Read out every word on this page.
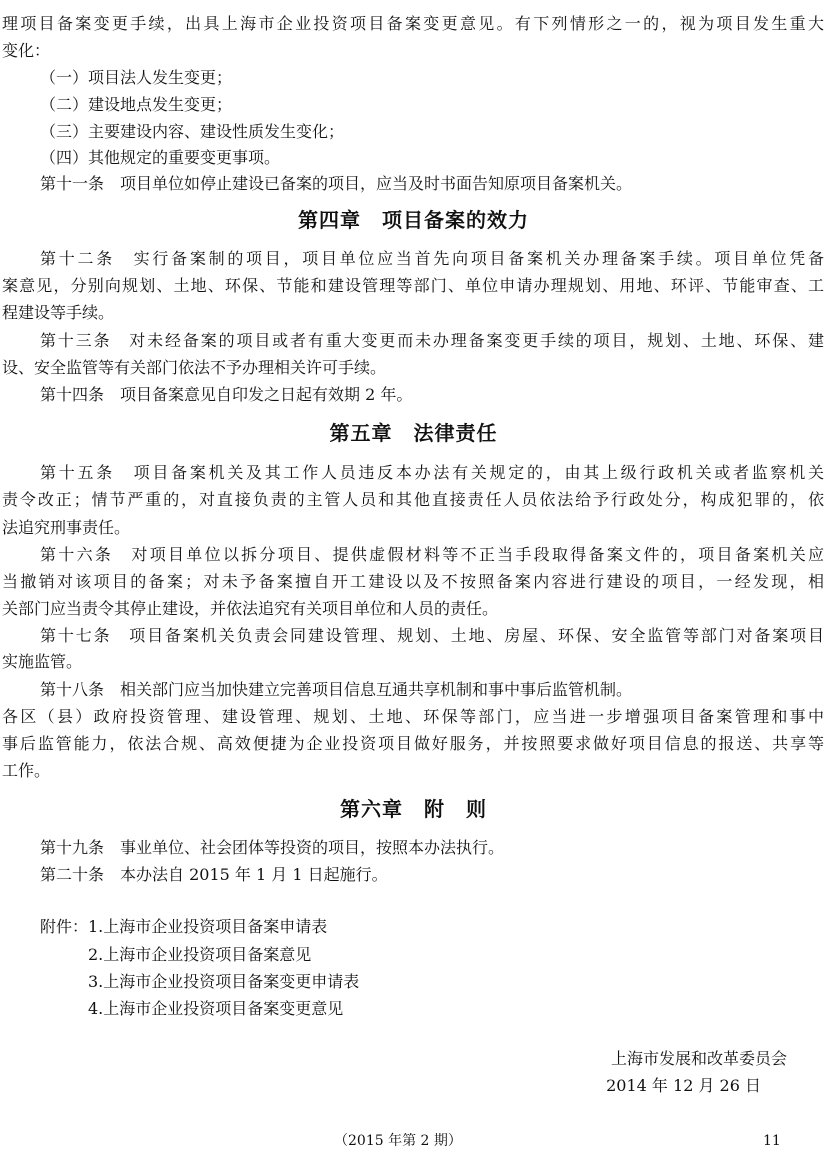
理项目备案变更手续，出具上海市企业投资项目备案变更意见。有下列情形之一的，视为项目发生重大
变化：
（一）项目法人发生变更；
（二）建设地点发生变更；
（三）主要建设内容、建设性质发生变化；
（四）其他规定的重要变更事项。
第十一条　项目单位如停止建设已备案的项目，应当及时书面告知原项目备案机关。
第四章　项目备案的效力
第十二条　实行备案制的项目，项目单位应当首先向项目备案机关办理备案手续。项目单位凭备
案意见，分别向规划、土地、环保、节能和建设管理等部门、单位申请办理规划、用地、环评、节能审查、工
程建设等手续。
第十三条　对未经备案的项目或者有重大变更而未办理备案变更手续的项目，规划、土地、环保、建
设、安全监管等有关部门依法不予办理相关许可手续。
第十四条　项目备案意见自印发之日起有效期 2 年。
第五章　法律责任
第十五条　项目备案机关及其工作人员违反本办法有关规定的，由其上级行政机关或者监察机关
责令改正；情节严重的，对直接负责的主管人员和其他直接责任人员依法给予行政处分，构成犯罪的，依
法追究刑事责任。
第十六条　对项目单位以拆分项目、提供虚假材料等不正当手段取得备案文件的，项目备案机关应
当撤销对该项目的备案；对未予备案擅自开工建设以及不按照备案内容进行建设的项目，一经发现，相
关部门应当责令其停止建设，并依法追究有关项目单位和人员的责任。
第十七条　项目备案机关负责会同建设管理、规划、土地、房屋、环保、安全监管等部门对备案项目
实施监管。
第十八条　相关部门应当加快建立完善项目信息互通共享机制和事中事后监管机制。
各区（县）政府投资管理、建设管理、规划、土地、环保等部门，应当进一步增强项目备案管理和事中
事后监管能力，依法合规、高效便捷为企业投资项目做好服务，并按照要求做好项目信息的报送、共享等
工作。
第六章　附　则
第十九条　事业单位、社会团体等投资的项目，按照本办法执行。
第二十条　本办法自 2015 年 1 月 1 日起施行。
附件： 1.上海市企业投资项目备案申请表
2.上海市企业投资项目备案意见
3.上海市企业投资项目备案变更申请表
4.上海市企业投资项目备案变更意见
上海市发展和改革委员会
2014 年 12 月 26 日
（2015 年第 2 期）	11
